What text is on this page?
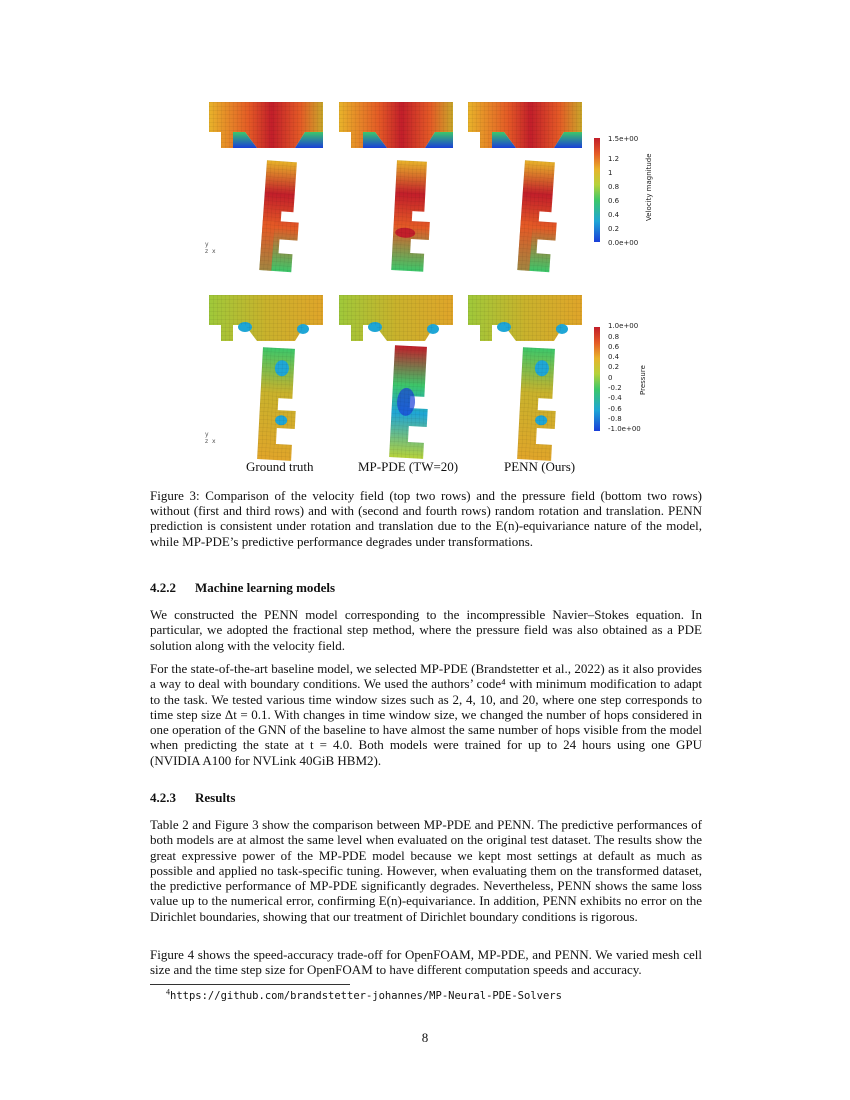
y
z x
y
z x
1.5e+00
1.2
1
0.8
0.6
0.4
0.2
0.0e+00
Velocity magnitude
1.0e+00
0.8
0.6
0.4
0.2
0
-0.2
-0.4
-0.6
-0.8
-1.0e+00
Pressure
Ground truth	MP-PDE (TW=20)	PENN (Ours)
Figure 3: Comparison of the velocity field (top two rows) and the pressure field (bottom two rows) without (first and third rows) and with (second and fourth rows) random rotation and translation. PENN prediction is consistent under rotation and translation due to the E(n)-equivariance nature of the model, while MP-PDE’s predictive performance degrades under transformations.
4.2.2 Machine learning models

We constructed the PENN model corresponding to the incompressible Navier–Stokes equation. In particular, we adopted the fractional step method, where the pressure field was also obtained as a PDE solution along with the velocity field.

For the state-of-the-art baseline model, we selected MP-PDE (Brandstetter et al., 2022) as it also provides a way to deal with boundary conditions. We used the authors’ code⁴ with minimum modification to adapt to the task. We tested various time window sizes such as 2, 4, 10, and 20, where one step corresponds to time step size Δt = 0.1. With changes in time window size, we changed the number of hops considered in one operation of the GNN of the baseline to have almost the same number of hops visible from the model when predicting the state at t = 4.0. Both models were trained for up to 24 hours using one GPU (NVIDIA A100 for NVLink 40GiB HBM2).

4.2.3 Results

Table 2 and Figure 3 show the comparison between MP-PDE and PENN. The predictive performances of both models are at almost the same level when evaluated on the original test dataset. The results show the great expressive power of the MP-PDE model because we kept most settings at default as much as possible and applied no task-specific tuning. However, when evaluating them on the transformed dataset, the predictive performance of MP-PDE significantly degrades. Nevertheless, PENN shows the same loss value up to the numerical error, confirming E(n)-equivariance. In addition, PENN exhibits no error on the Dirichlet boundaries, showing that our treatment of Dirichlet boundary conditions is rigorous.

Figure 4 shows the speed-accuracy trade-off for OpenFOAM, MP-PDE, and PENN. We varied mesh cell size and the time step size for OpenFOAM to have different computation speeds and accuracy.

$^4$https://github.com/brandstetter-johannes/MP-Neural-PDE-Solvers
8
